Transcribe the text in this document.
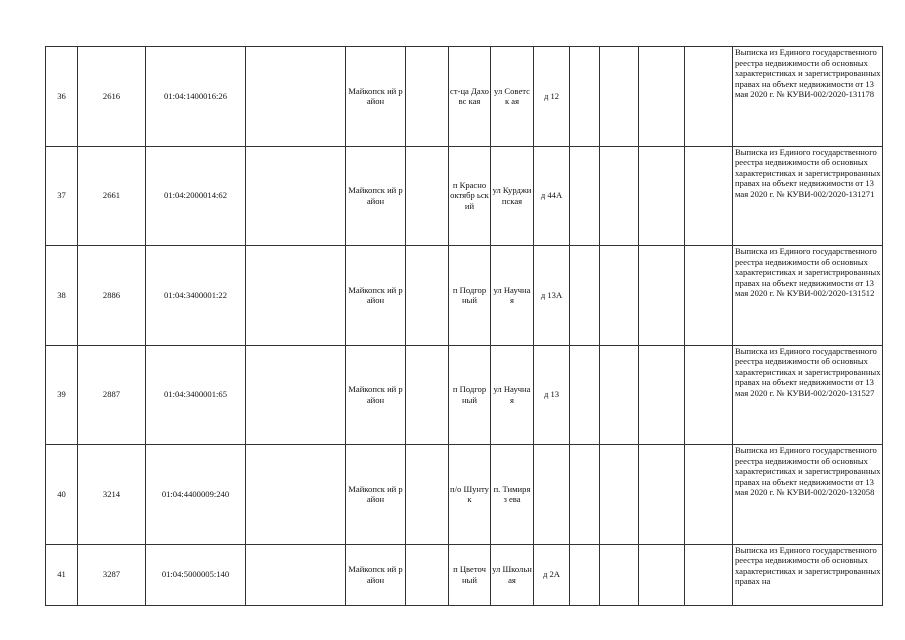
36	2616	01:04:1400016:26		Майкопск ий район		ст-ца Даховс кая	ул Советск ая	д 12					Выписка из Единого государственного реестра недвижимости об основных характеристиках и зарегистрированных правах на объект недвижимости от 13 мая 2020 г. № КУВИ-002/2020-131178
37	2661	01:04:2000014:62		Майкопск ий район		п Красно октябр ьский	ул Курджи пская	д 44А					Выписка из Единого государственного реестра недвижимости об основных характеристиках и зарегистрированных правах на объект недвижимости от 13 мая 2020 г. № КУВИ-002/2020-131271
38	2886	01:04:3400001:22		Майкопск ий район		п Подгор ный	ул Научная	д 13А					Выписка из Единого государственного реестра недвижимости об основных характеристиках и зарегистрированных правах на объект недвижимости от 13 мая 2020 г. № КУВИ-002/2020-131512
39	2887	01:04:3400001:65		Майкопск ий район		п Подгор ный	ул Научная	д 13					Выписка из Единого государственного реестра недвижимости об основных характеристиках и зарегистрированных правах на объект недвижимости от 13 мая 2020 г. № КУВИ-002/2020-131527
40	3214	01:04:4400009:240		Майкопск ий район		п/о Шунту к	п. Тимиряз ева						Выписка из Единого государственного реестра недвижимости об основных характеристиках и зарегистрированных правах на объект недвижимости от 13 мая 2020 г. № КУВИ-002/2020-132058
41	3287	01:04:5000005:140		Майкопск ий район		п Цветоч ный	ул Школьн ая	д 2А					Выписка из Единого государственного реестра недвижимости об основных характеристиках и зарегистрированных правах на
